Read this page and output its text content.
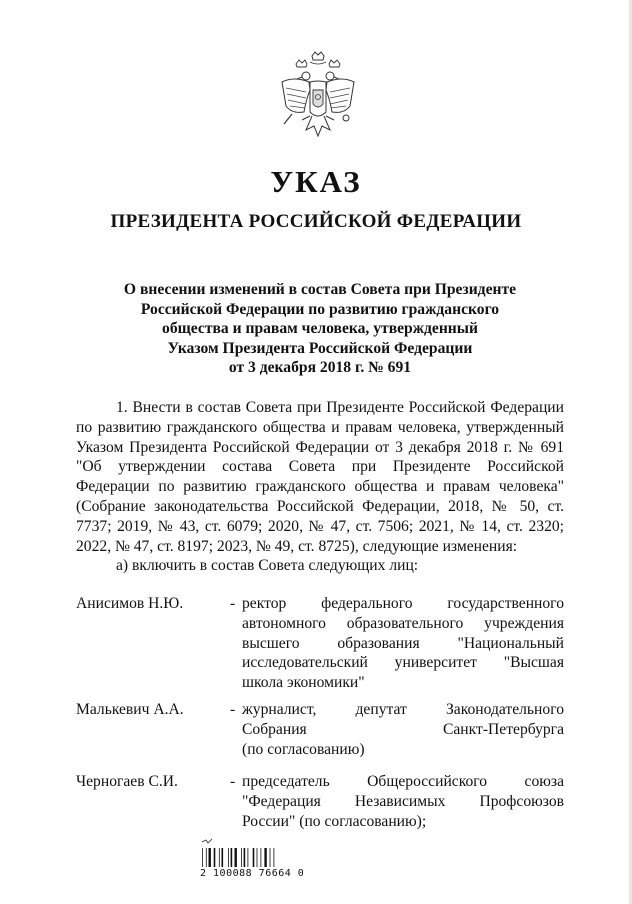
УКАЗ
ПРЕЗИДЕНТА РОССИЙСКОЙ ФЕДЕРАЦИИ
О внесении изменений в состав Совета при Президенте
Российской Федерации по развитию гражданского
общества и правам человека, утвержденный
Указом Президента Российской Федерации
от 3 декабря 2018 г. № 691
1. Внести в состав Совета при Президенте Российской Федерации по развитию гражданского общества и правам человека, утвержденный Указом Президента Российской Федерации от 3 декабря 2018 г. № 691 "Об утверждении состава Совета при Президенте Российской Федерации по развитию гражданского общества и правам человека" (Собрание законодательства Российской Федерации, 2018, № 50, ст. 7737; 2019, № 43, ст. 6079; 2020, № 47, ст. 7506; 2021, № 14, ст. 2320; 2022, № 47, ст. 8197; 2023, № 49, ст. 8725), следующие изменения:
а) включить в состав Совета следующих лиц:
Анисимов Н.Ю.	- ректор федерального государственного
автономного образовательного учреждения
высшего образования "Национальный
исследовательский университет "Высшая
школа экономики"
Малькевич А.А.	- журналист, депутат Законодательного
Собрания Санкт-Петербурга
(по согласованию)
Черногаев С.И.	- председатель Общероссийского союза
"Федерация Независимых Профсоюзов
России" (по согласованию);
2 100088 76664 0
